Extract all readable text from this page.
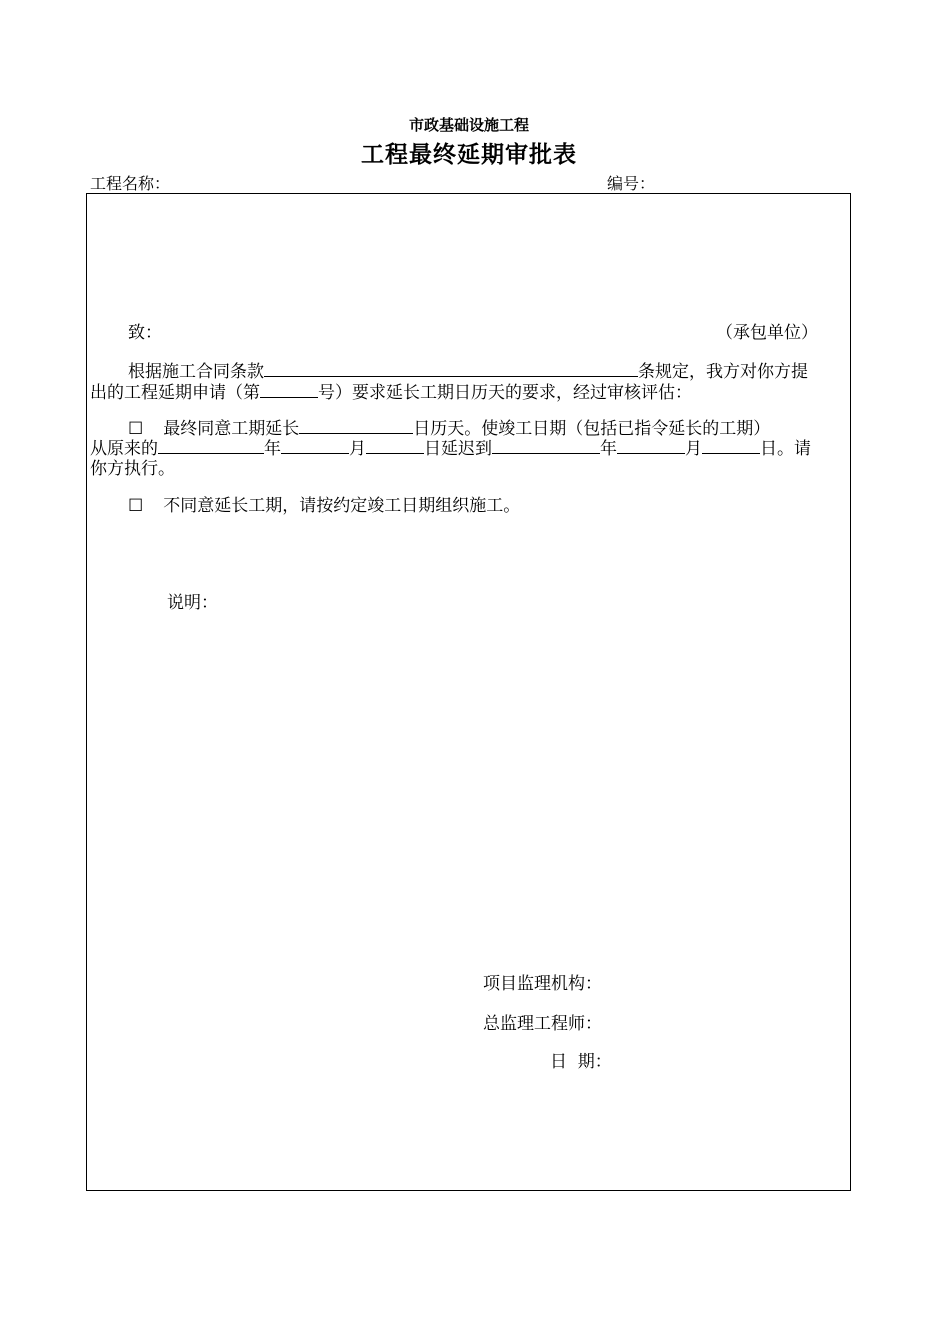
市政基础设施工程
工程最终延期审批表
工程名称：	编号：
致：	（承包单位）
根据施工合同条款	条规定，我方对你方提
出的工程延期申请（第	号）要求延长工期日历天的要求，经过审核评估：
☐ 最终同意工期延长	日历天。使竣工日期（包括已指令延长的工期）
从原来的	年	月	日延迟到	年	月	日。请
你方执行。
☐ 不同意延长工期，请按约定竣工日期组织施工。
说明：
项目监理机构：
总监理工程师：
日  期：
